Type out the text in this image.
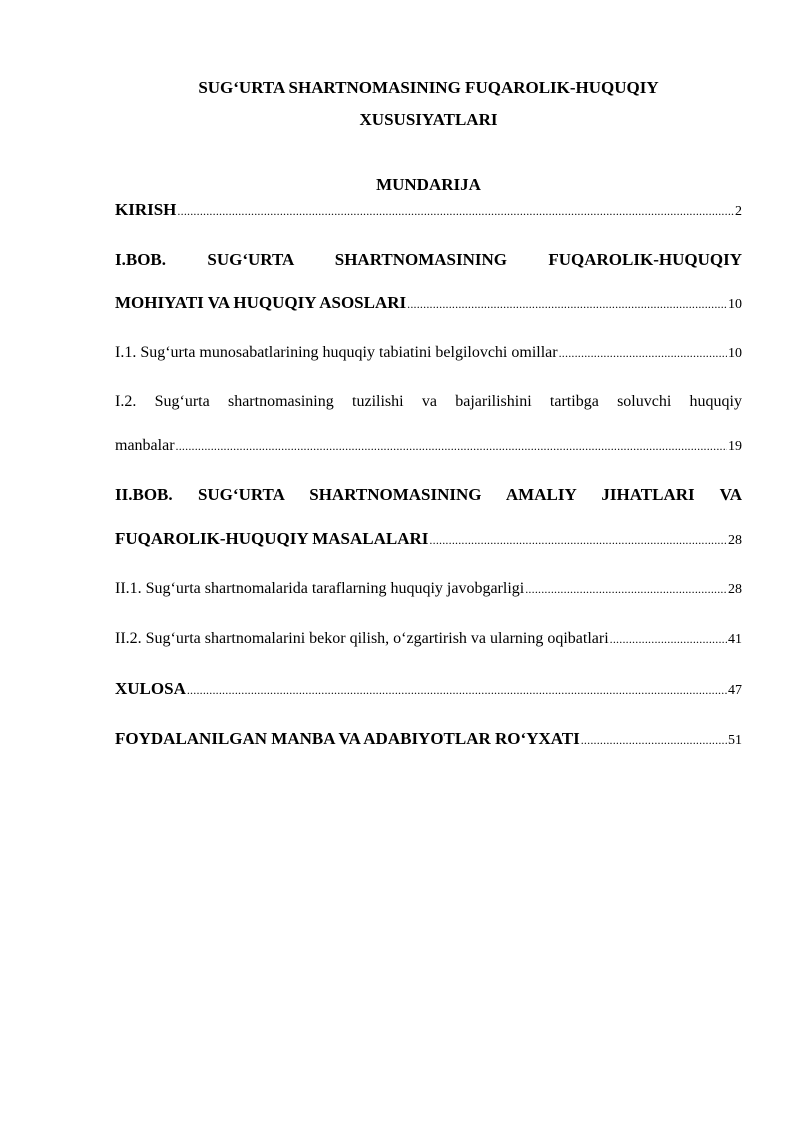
SUG‘URTA SHARTNOMASINING FUQAROLIK-HUQUQIY
XUSUSIYATLARI
MUNDARIJA
KIRISH .....	2
I.BOB. SUG‘URTA SHARTNOMASINING FUQAROLIK-HUQUQIY
MOHIYATI VA HUQUQIY ASOSLARI .....	10
I.1. Sug‘urta munosabatlarining huquqiy tabiatini belgilovchi omillar .....	10
I.2. Sug‘urta shartnomasining tuzilishi va bajarilishini tartibga soluvchi huquqiy
manbalar .....	19
II.BOB. SUG‘URTA SHARTNOMASINING AMALIY JIHATLARI VA
FUQAROLIK-HUQUQIY MASALALARI .....	28
II.1. Sug‘urta shartnomalarida taraflarning huquqiy javobgarligi .....	28
II.2. Sug‘urta shartnomalarini bekor qilish, o‘zgartirish va ularning oqibatlari .....	41
XULOSA .....	47
FOYDALANILGAN MANBA VA ADABIYOTLAR RO‘YXATI .....	51
